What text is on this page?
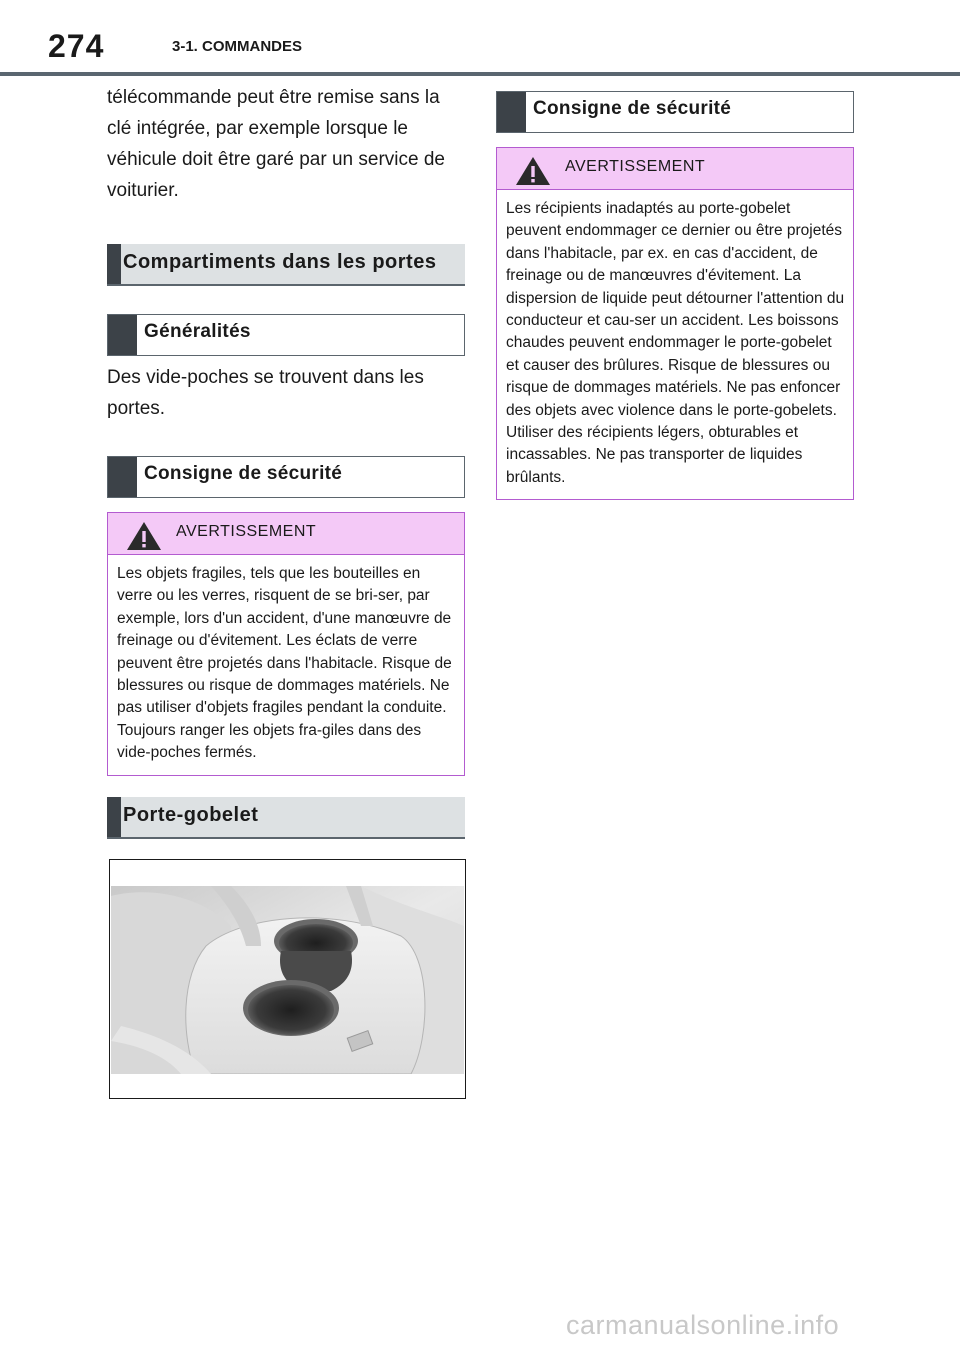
274	3-1. COMMANDES

télécommande peut être remise sans la clé intégrée, par exemple lorsque le véhicule doit être garé par un service de voiturier.

Compartiments dans les portes
Généralités

Des vide-poches se trouvent dans les portes.

Consigne de sécurité
AVERTISSEMENT
Les objets fragiles, tels que les bouteilles en verre ou les verres, risquent de se bri-ser, par exemple, lors d'un accident, d'une manœuvre de freinage ou d'évitement. Les éclats de verre peuvent être projetés dans l'habitacle. Risque de blessures ou risque de dommages matériels. Ne pas utiliser d'objets fragiles pendant la conduite. Toujours ranger les objets fra-giles dans des vide-poches fermés.
Porte-gobelet
Consigne de sécurité
AVERTISSEMENT
Les récipients inadaptés au porte-gobelet peuvent endommager ce dernier ou être projetés dans l'habitacle, par ex. en cas d'accident, de freinage ou de manœuvres d'évitement. La dispersion de liquide peut détourner l'attention du conducteur et cau-ser un accident. Les boissons chaudes peuvent endommager le porte-gobelet et causer des brûlures. Risque de blessures ou risque de dommages matériels. Ne pas enfoncer des objets avec violence dans le porte-gobelets. Utiliser des récipients légers, obturables et incassables. Ne pas transporter de liquides brûlants.
carmanualsonline.info
